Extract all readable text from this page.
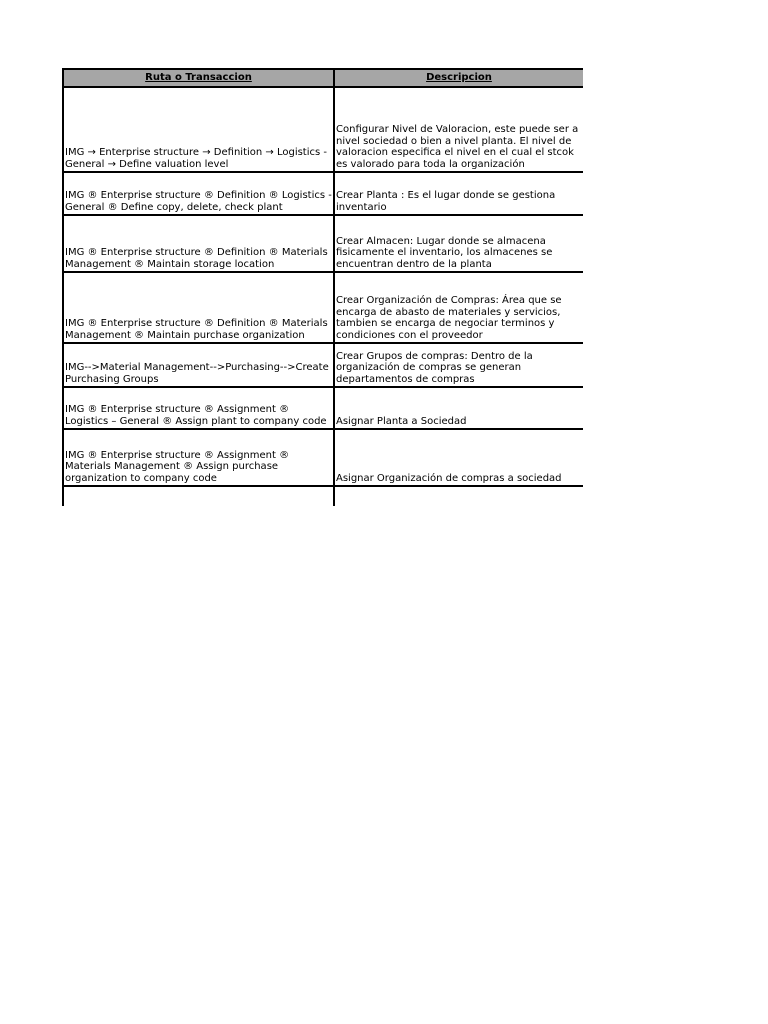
Ruta o Transaccion	Descripcion
IMG → Enterprise structure → Definition → Logistics - General → Define valuation level	Configurar Nivel de Valoracion, este puede ser a nivel sociedad o bien a nivel planta. El nivel de valoracion especifica el nivel en el cual el stcok es valorado para toda la organización
IMG ® Enterprise structure ® Definition ® Logistics - General ® Define copy, delete, check plant	Crear Planta : Es el lugar donde se gestiona inventario
IMG ® Enterprise structure ® Definition ® Materials Management ® Maintain storage location	Crear Almacen: Lugar donde se almacena fisicamente el inventario, los almacenes se encuentran dentro de la planta
IMG ® Enterprise structure ® Definition ® Materials Management ® Maintain purchase organization	Crear Organización de Compras: Área que se encarga de abasto de materiales y servicios, tambien se encarga de negociar terminos y condiciones con el proveedor
IMG-->Material Management-->Purchasing-->Create Purchasing Groups	Crear Grupos de compras: Dentro de la organización de compras se generan departamentos de compras
IMG ® Enterprise structure ® Assignment ® Logistics – General ® Assign plant to company code	Asignar Planta a Sociedad
IMG ® Enterprise structure ® Assignment ® Materials Management ® Assign purchase organization to company code	Asignar Organización de compras a sociedad
